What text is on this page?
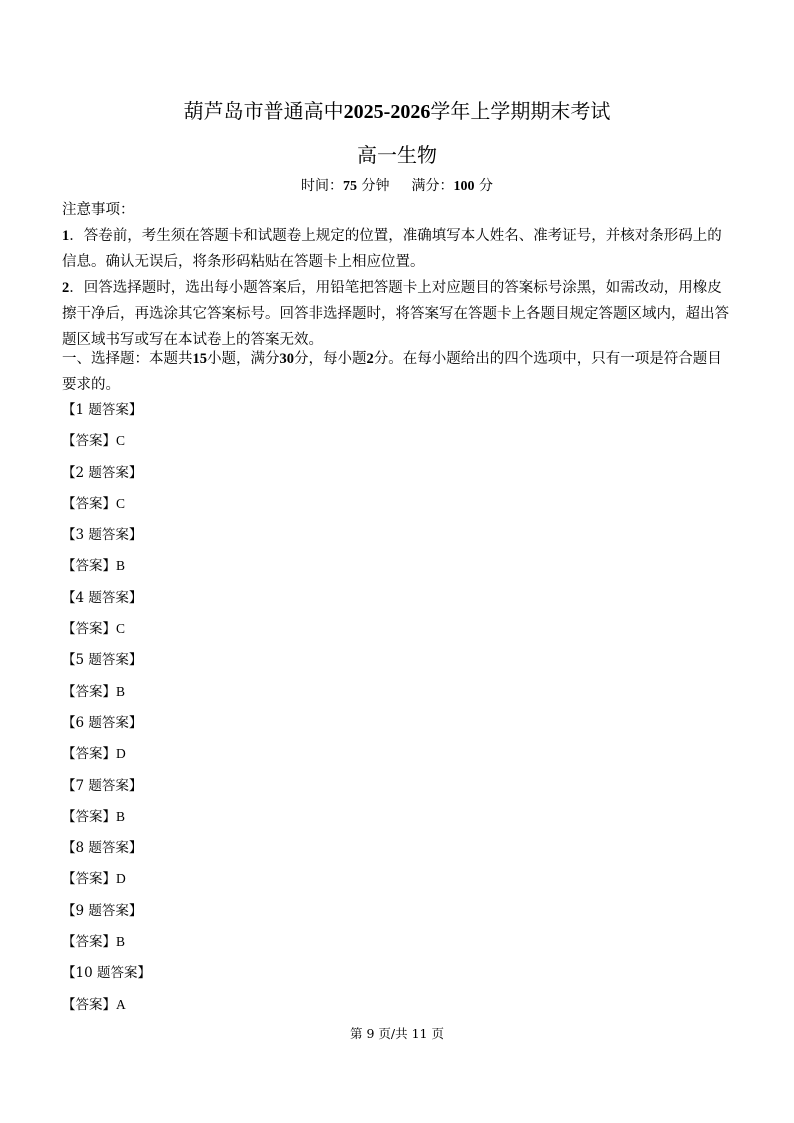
葫芦岛市普通高中2025-2026学年上学期期末考试
高一生物
时间：75 分钟 满分：100 分
注意事项：
1．答卷前，考生须在答题卡和试题卷上规定的位置，准确填写本人姓名、准考证号，并核对条形码上的信息。确认无误后，将条形码粘贴在答题卡上相应位置。
2．回答选择题时，选出每小题答案后，用铅笔把答题卡上对应题目的答案标号涂黑，如需改动，用橡皮擦干净后，再选涂其它答案标号。回答非选择题时，将答案写在答题卡上各题目规定答题区域内，超出答题区域书写或写在本试卷上的答案无效。
一、选择题：本题共15小题，满分30分，每小题2分。在每小题给出的四个选项中，只有一项是符合题目要求的。
【1 题答案】
【答案】C
【2 题答案】
【答案】C
【3 题答案】
【答案】B
【4 题答案】
【答案】C
【5 题答案】
【答案】B
【6 题答案】
【答案】D
【7 题答案】
【答案】B
【8 题答案】
【答案】D
【9 题答案】
【答案】B
【10 题答案】
【答案】A
第 9 页/共 11 页
